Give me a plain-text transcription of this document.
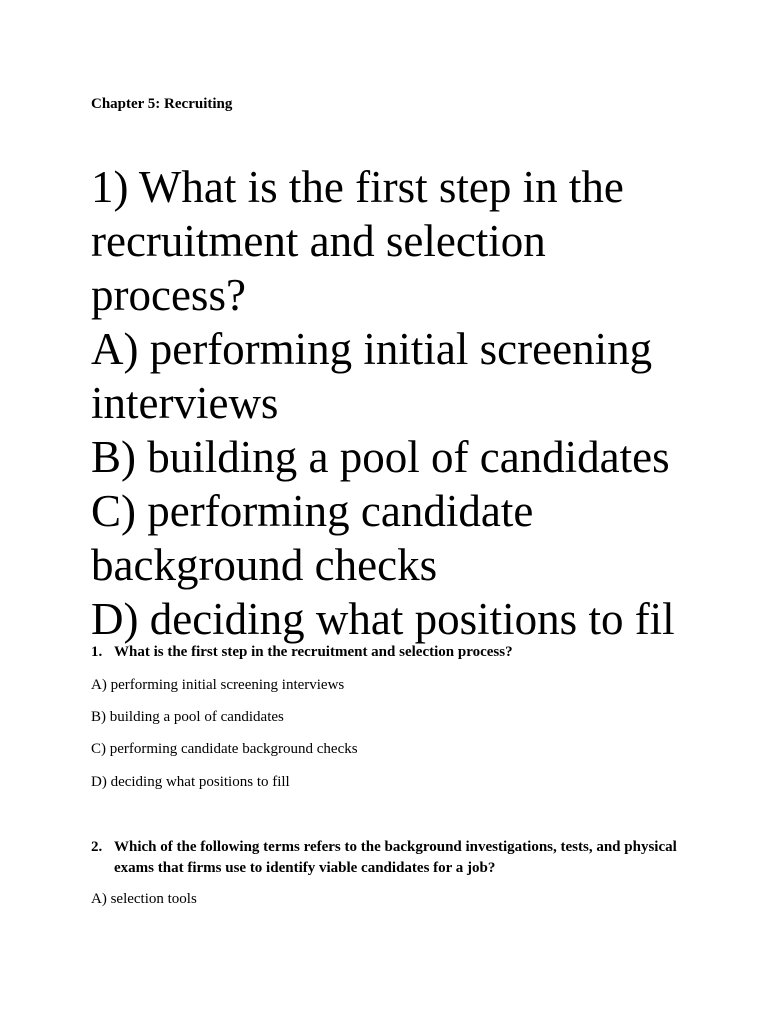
Chapter 5: Recruiting
1) What is the first step in the
recruitment and selection
process?
A) performing initial screening
interviews
B) building a pool of candidates
C) performing candidate
background checks
D) deciding what positions to fil
1. What is the first step in the recruitment and selection process?
A) performing initial screening interviews
B) building a pool of candidates
C) performing candidate background checks
D) deciding what positions to fill
2. Which of the following terms refers to the background investigations, tests, and physical exams that firms use to identify viable candidates for a job?
A) selection tools
